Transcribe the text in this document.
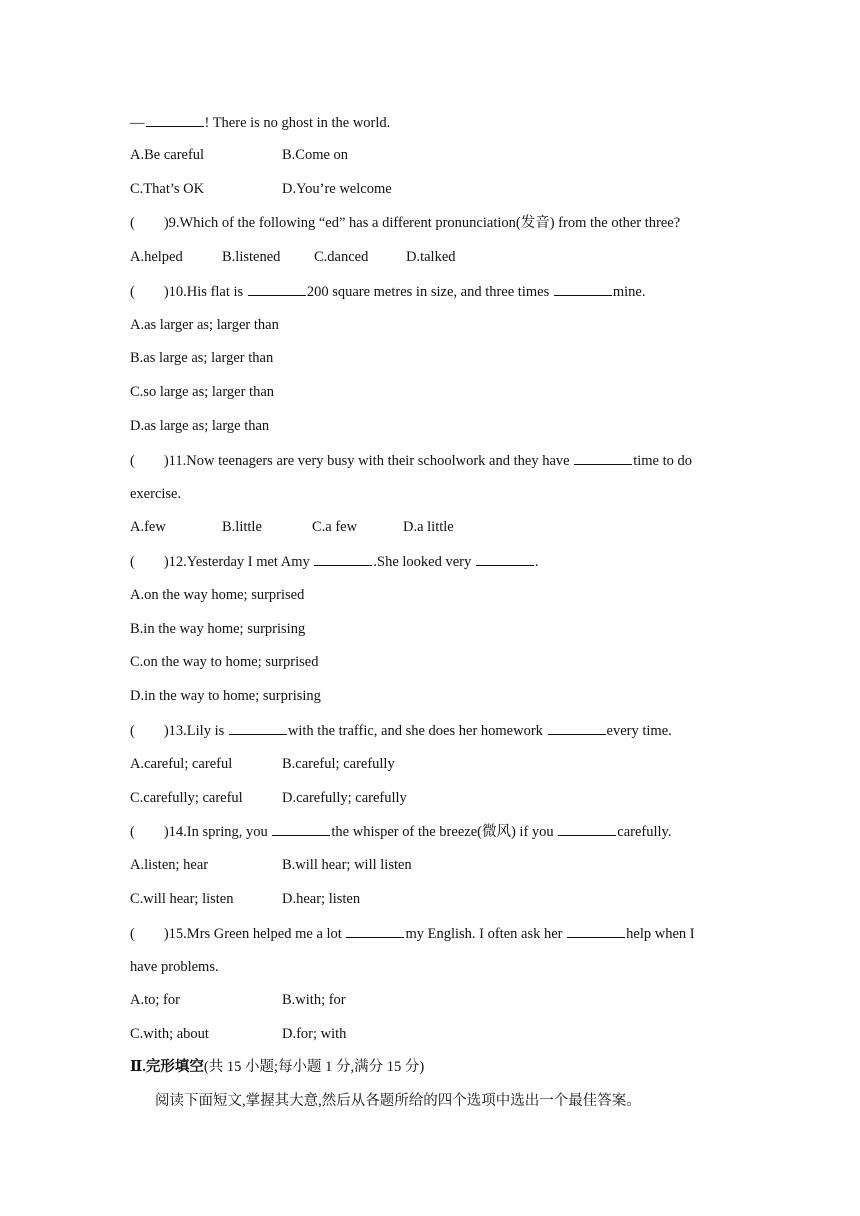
—	! There is no ghost in the world.
A.Be careful	B.Come on
C.That’s OK	D.You’re welcome
(        )9.Which of the following “ed” has a different pronunciation(发音) from the other three?
A.helped	B.listened C.danced	D.talked
(        )10.His flat is	200 square metres in size, and three times	mine.
A.as larger as; larger than
B.as large as; larger than
C.so large as; larger than
D.as large as; large than
(        )11.Now teenagers are very busy with their schoolwork and they have	time to do
exercise.
A.few	B.little	C.a few	D.a little
(        )12.Yesterday I met Amy	.She looked very	.
A.on the way home; surprised
B.in the way home; surprising
C.on the way to home; surprised
D.in the way to home; surprising
(        )13.Lily is	with the traffic, and she does her homework	every time.
A.careful; careful	B.careful; carefully
C.carefully; careful	D.carefully; carefully
(        )14.In spring, you	the whisper of the breeze(微风) if you	carefully.
A.listen; hear	B.will hear; will listen
C.will hear; listen	D.hear; listen
(        )15.Mrs Green helped me a lot	my English. I often ask her	help when I
have problems.
A.to; for	B.with; for
C.with; about	D.for; with
Ⅱ.完形填空(共 15 小题;每小题 1 分,满分 15 分)
阅读下面短文,掌握其大意,然后从各题所给的四个选项中选出一个最佳答案。
